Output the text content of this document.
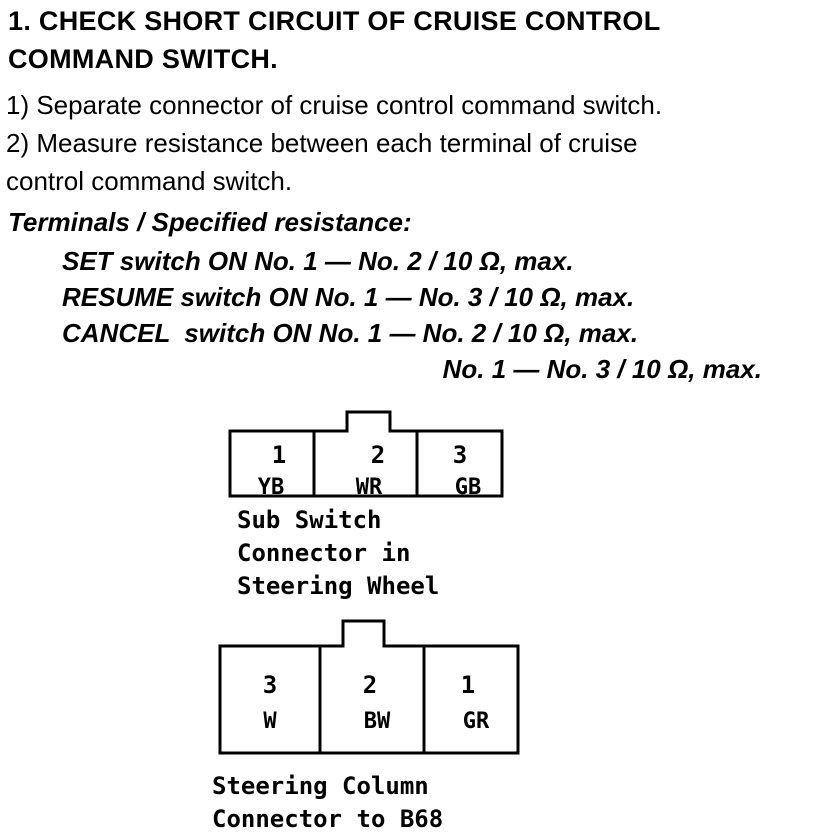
1. CHECK SHORT CIRCUIT OF CRUISE CONTROL
COMMAND SWITCH.

1) Separate connector of cruise control command switch.

2) Measure resistance between each terminal of cruise

control command switch.

Terminals / Specified resistance:
SET switch ON No. 1 — No. 2 / 10 Ω, max.
RESUME switch ON No. 1 — No. 3 / 10 Ω, max.
CANCEL  switch ON No. 1 — No. 2 / 10 Ω, max.
No. 1 — No. 3 / 10 Ω, max.
1	2	3
YB	WR	GB
3	2	1
W	BW	GR
Sub Switch
Connector in
Steering Wheel
Steering Column
Connector to B68
